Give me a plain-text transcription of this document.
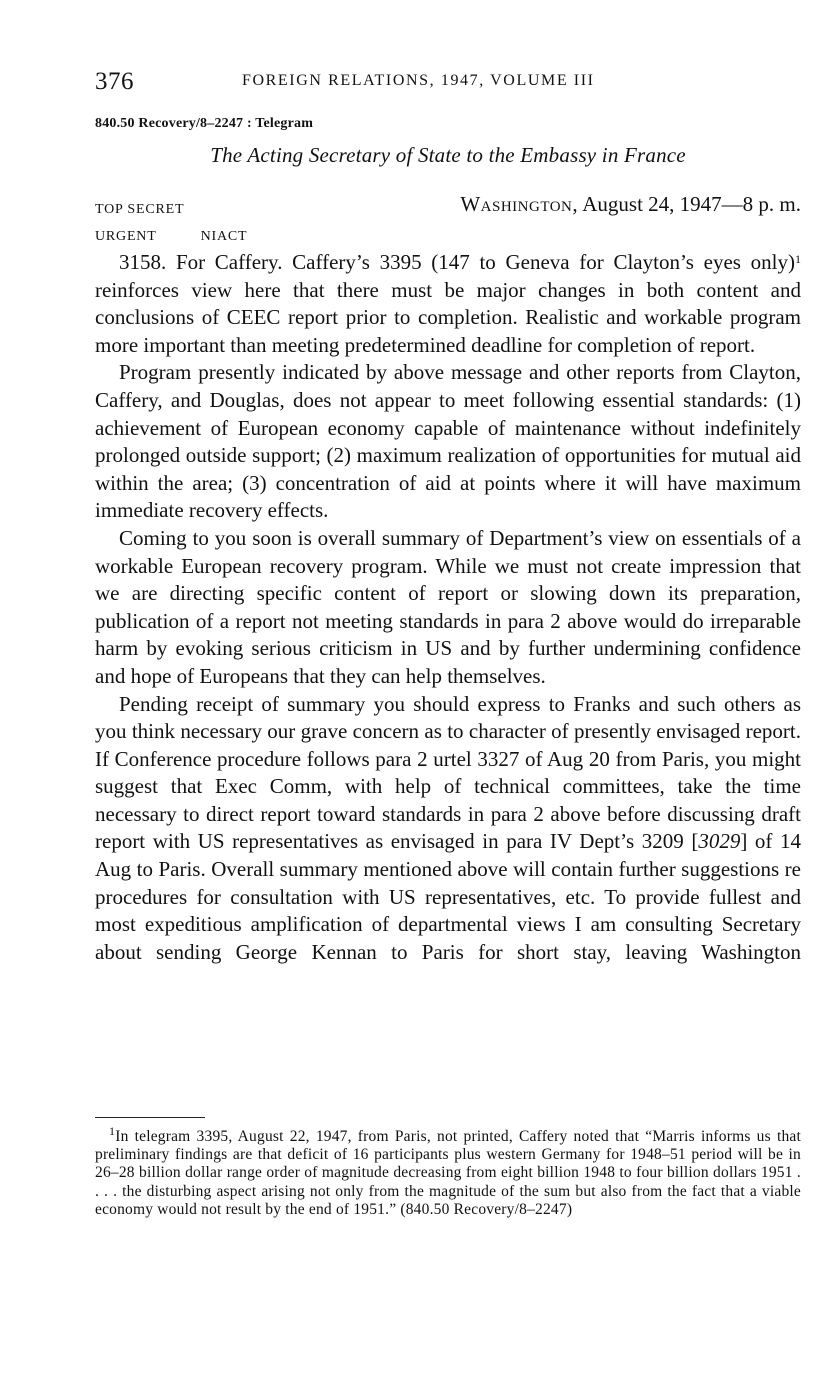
376	FOREIGN RELATIONS, 1947, VOLUME III
840.50 Recovery/8–2247 : Telegram
The Acting Secretary of State to the Embassy in France
TOP SECRET	Washington, August 24, 1947—8 p. m.
URGENT	NIACT

3158. For Caffery. Caffery’s 3395 (147 to Geneva for Clayton’s eyes only)$^1$ reinforces view here that there must be major changes in both content and conclusions of CEEC report prior to completion. Realistic and workable program more important than meeting predetermined deadline for completion of report.

Program presently indicated by above message and other reports from Clayton, Caffery, and Douglas, does not appear to meet following essential standards: (1) achievement of European economy capable of maintenance without indefinitely prolonged outside support; (2) maximum realization of opportunities for mutual aid within the area; (3) concentration of aid at points where it will have maximum immediate recovery effects.

Coming to you soon is overall summary of Department’s view on essentials of a workable European recovery program. While we must not create impression that we are directing specific content of report or slowing down its preparation, publication of a report not meeting standards in para 2 above would do irreparable harm by evoking serious criticism in US and by further undermining confidence and hope of Europeans that they can help themselves.

Pending receipt of summary you should express to Franks and such others as you think necessary our grave concern as to character of presently envisaged report. If Conference procedure follows para 2 urtel 3327 of Aug 20 from Paris, you might suggest that Exec Comm, with help of technical committees, take the time necessary to direct report toward standards in para 2 above before discussing draft report with US representatives as envisaged in para IV Dept’s 3209 [3029] of 14 Aug to Paris. Overall summary mentioned above will contain further suggestions re procedures for consultation with US representatives, etc. To provide fullest and most expeditious amplification of departmental views I am consulting Secretary about sending George Kennan to Paris for short stay, leaving Washington

$^1$In telegram 3395, August 22, 1947, from Paris, not printed, Caffery noted that “Marris informs us that preliminary findings are that deficit of 16 participants plus western Germany for 1948–51 period will be in 26–28 billion dollar range order of magnitude decreasing from eight billion 1948 to four billion dollars 1951 . . . . the disturbing aspect arising not only from the magnitude of the sum but also from the fact that a viable economy would not result by the end of 1951.” (840.50 Recovery/8–2247)
